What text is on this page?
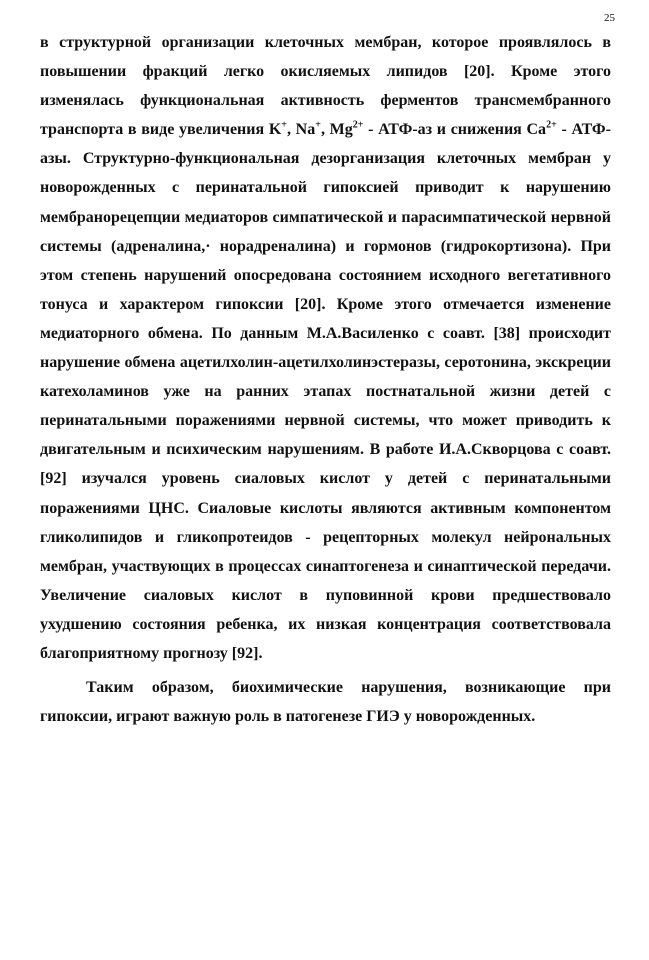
25

в структурной организации клеточных мембран, которое проявлялось в повышении фракций легко окисляемых липидов [20]. Кроме этого изменялась функциональная активность ферментов трансмембранного транспорта в виде увеличения K+, Na+, $Mg^{2+} - АТФ-аз$ и снижения $Ca^{2+} - АТФ-азы$. Структурно-функциональная дезорганизация клеточных мембран у новорожденных с перинатальной гипоксией приводит к нарушению мембранорецепции медиаторов симпатической и парасимпатической нервной системы (адреналина,· норадреналина) и гормонов (гидрокортизона). При этом степень нарушений опосредована состоянием исходного вегетативного тонуса и характером гипоксии [20]. Кроме этого отмечается изменение медиаторного обмена. По данным М.А.Василенко с соавт. [38] происходит нарушение обмена ацетилхолин-ацетилхолинэстеразы, серотонина, экскреции катехоламинов уже на ранних этапах постнатальной жизни детей с перинатальными поражениями нервной системы, что может приводить к двигательным и психическим нарушениям. В работе И.А.Скворцова с соавт. [92] изучался уровень сиаловых кислот у детей с перинатальными поражениями ЦНС. Сиаловые кислоты являются активным компонентом гликолипидов и гликопротеидов - рецепторных молекул нейрональных мембран, участвующих в процессах синаптогенеза и синаптической передачи. Увеличение сиаловых кислот в пуповинной крови предшествовало ухудшению состояния ребенка, их низкая концентрация соответствовала благоприятному прогнозу [92].

Таким образом, биохимические нарушения, возникающие при гипоксии, играют важную роль в патогенезе ГИЭ у новорожденных.
